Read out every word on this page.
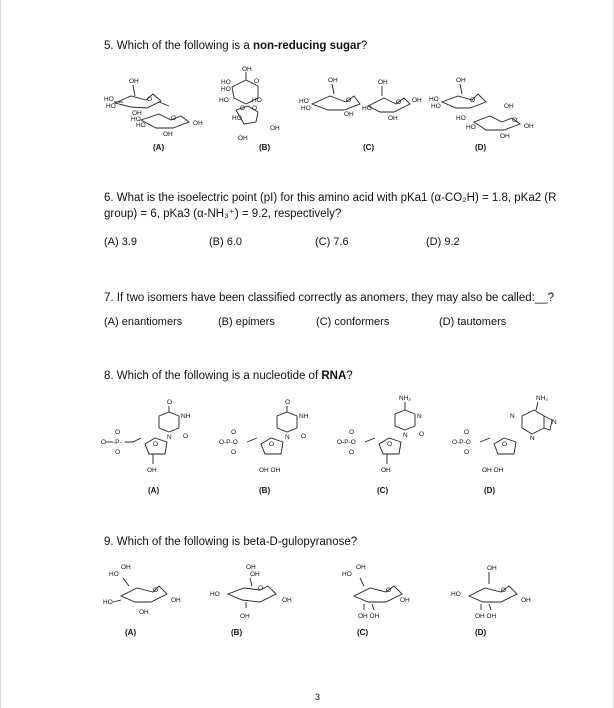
5. Which of the following is a non-reducing sugar?
OH
O
HO
HO
OH
O
HO
HO	OH
OH
(A)
OH
HO
HO
O
HO	HO
O O
HO
OH
OH
(B)
OH
HO
HO
O
OH
HO
OH
O OH
OH
(C)
OH
HO
HO
O
HO
OH
O
HO	OH
OH
(D)
6. What is the isoelectric point (pI) for this amino acid with pKa1 (α-CO₂H) = 1.8, pKa2 (R
group) = 6, pKa3 (α-NH₃⁺) = 9.2, respectively?
(A) 3.9	(B) 6.0	(C) 7.6	(D) 9.2
7. If two isomers have been classified correctly as anomers, they may also be called:__?
(A) enantiomers	(B) epimers	(C) conformers	(D) tautomers
8. Which of the following is a nucleotide of RNA?
O
NH
N O
O -P-
O
O
O
OH
(A)
O
NH
N O
O-P-O
O
O
O
OH OH
(B)
NH₂
N
N O
O-P-O
O
O
O
OH
(C)
NH₂
N
N
N
O-P-O
O
O
O
OH OH
(D)
9. Which of the following is beta-D-gulopyranose?
HO
OH
O
HO	OH
OH
(A)
OH
OH
O
HO
OH
OH
(B)
HO
OH
O
OH
OH OH
(C)
OH
O
HO
OH
OH OH
(D)
3
